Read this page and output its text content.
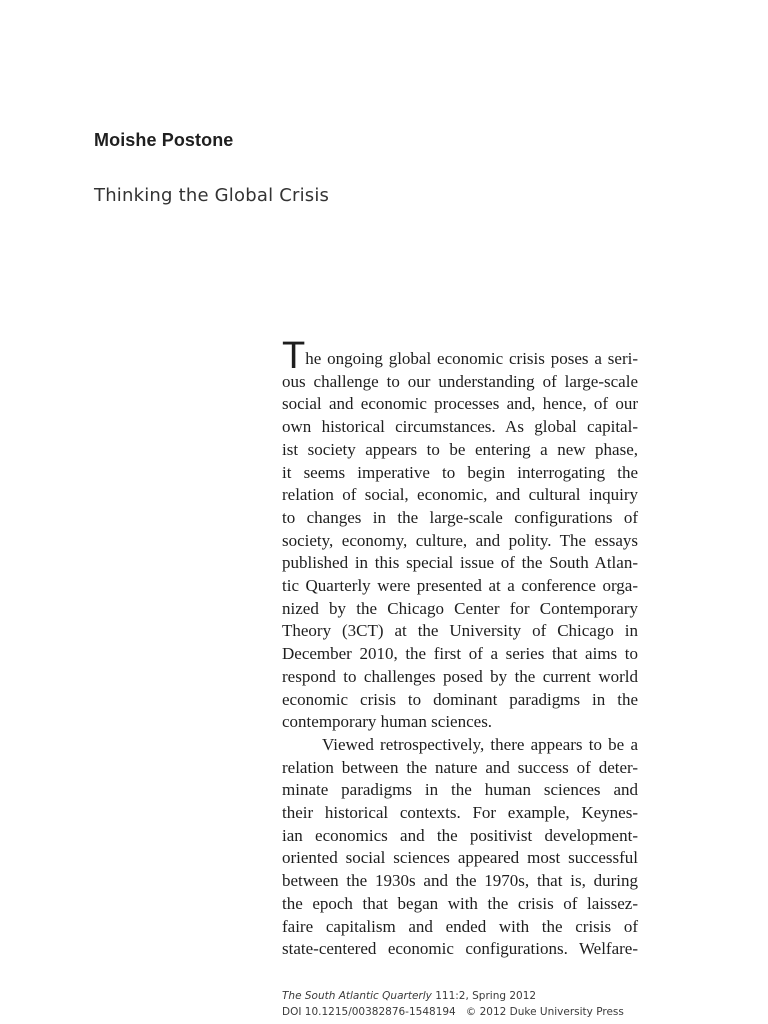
Moishe Postone
Thinking the Global Crisis
The ongoing global economic crisis poses a seri-
ous challenge to our understanding of large-scale
social and economic processes and, hence, of our
own historical circumstances. As global capital-
ist society appears to be entering a new phase,
it seems imperative to begin interrogating the
relation of social, economic, and cultural inquiry
to changes in the large-scale configurations of
society, economy, culture, and polity. The essays
published in this special issue of the South Atlan-
tic Quarterly were presented at a conference orga-
nized by the Chicago Center for Contemporary
Theory (3CT) at the University of Chicago in
December 2010, the first of a series that aims to
respond to challenges posed by the current world
economic crisis to dominant paradigms in the
contemporary human sciences.
Viewed retrospectively, there appears to be a
relation between the nature and success of deter-
minate paradigms in the human sciences and
their historical contexts. For example, Keynes-
ian economics and the positivist development-
oriented social sciences appeared most successful
between the 1930s and the 1970s, that is, during
the epoch that began with the crisis of laissez-
faire capitalism and ended with the crisis of
state-centered economic configurations. Welfare-
The South Atlantic Quarterly 111:2, Spring 2012
DOI 10.1215/00382876-1548194 © 2012 Duke University Press
